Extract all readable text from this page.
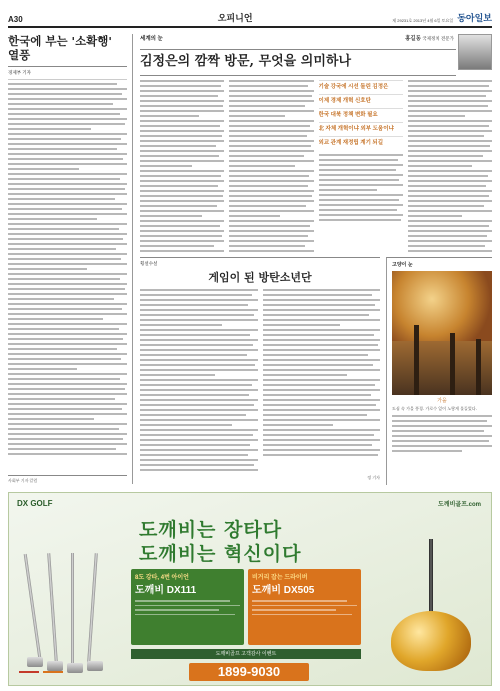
A30	오피니언	제 29231호 2013년 4월 6일 토요일 동아일보
한국에 부는 '소확행' 열풍
경제부 기자
사회부 기자 칼럼
세계의 눈	홍길동 국제정치 전문가
김정은의 깜짝 방문, 무엇을 의미하나
기술 강국에 시선 돌린 김정은
이제 경제 개혁 신호탄
한국 대북 정책 변화 필요
北 자체 개혁이냐 외부 도움이냐
외교 관계 재정립 계기 되길
횡설수설
게임이 된 방탄소년단
정 기자
고양이 눈
가을
도심 속 가을 풍경. 가로수 잎이 노랗게 물들었다.
DX GOLF	도깨비골프.com
도깨비는 장타다
도깨비는 혁신이다
8도 강타, 4번 아이언
도깨비 DX111
비거리 잡는 드라이버
도깨비 DX505
도깨비골프 고객감사 이벤트
1899-9030
